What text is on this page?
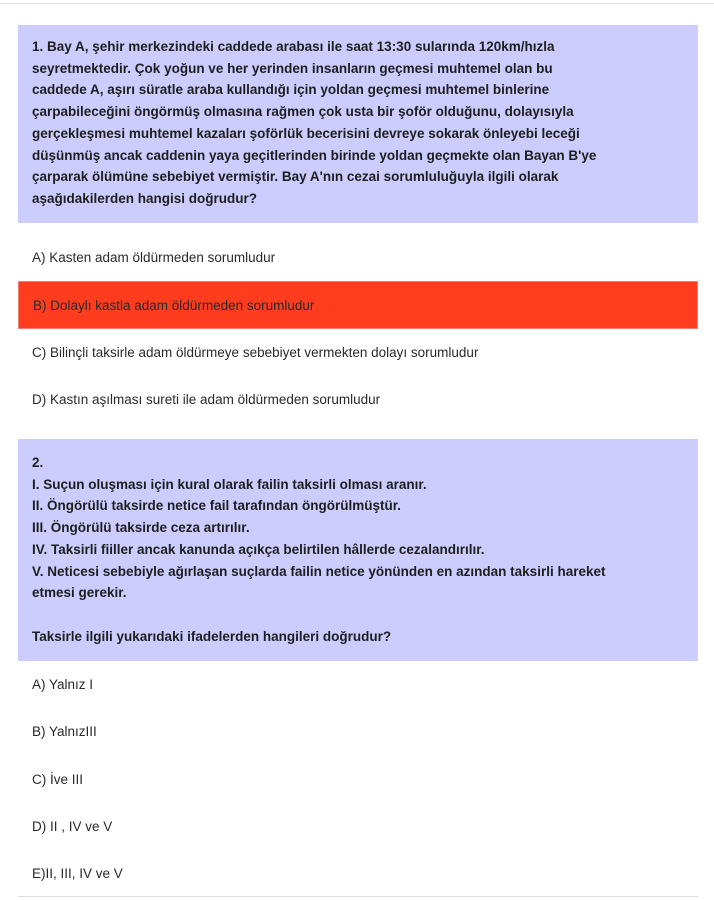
1. Bay A, şehir merkezindeki caddede arabası ile saat 13:30 sularında 120km/hızla
seyretmektedir. Çok yoğun ve her yerinden insanların geçmesi muhtemel olan bu
caddede A, aşırı süratle araba kullandığı için yoldan geçmesi muhtemel binlerine
çarpabileceğini öngörmüş olmasına rağmen çok usta bir şoför olduğunu, dolayısıyla
gerçekleşmesi muhtemel kazaları şoförlük becerisini devreye sokarak önleyebi leceği
düşünmüş ancak caddenin yaya geçitlerinden birinde yoldan geçmekte olan Bayan B'ye
çarparak ölümüne sebebiyet vermiştir. Bay A'nın cezai sorumluluğuyla ilgili olarak
aşağıdakilerden hangisi doğrudur?
A) Kasten adam öldürmeden sorumludur
B) Dolaylı kastla adam öldürmeden sorumludur
C) Bilinçli taksirle adam öldürmeye sebebiyet vermekten dolayı sorumludur
D) Kastın aşılması sureti ile adam öldürmeden sorumludur
2.
I. Suçun oluşması için kural olarak failin taksirli olması aranır.
II. Öngörülü taksirde netice fail tarafından öngörülmüştür.
III. Öngörülü taksirde ceza artırılır.
IV. Taksirli fiiller ancak kanunda açıkça belirtilen hâllerde cezalandırılır.
V. Neticesi sebebiyle ağırlaşan suçlarda failin netice yönünden en azından taksirli hareket
etmesi gerekir.
Taksirle ilgili yukarıdaki ifadelerden hangileri doğrudur?
A) Yalnız I
B) YalnızIII
C) İve III
D) II , IV ve V
E)II, III, IV ve V
